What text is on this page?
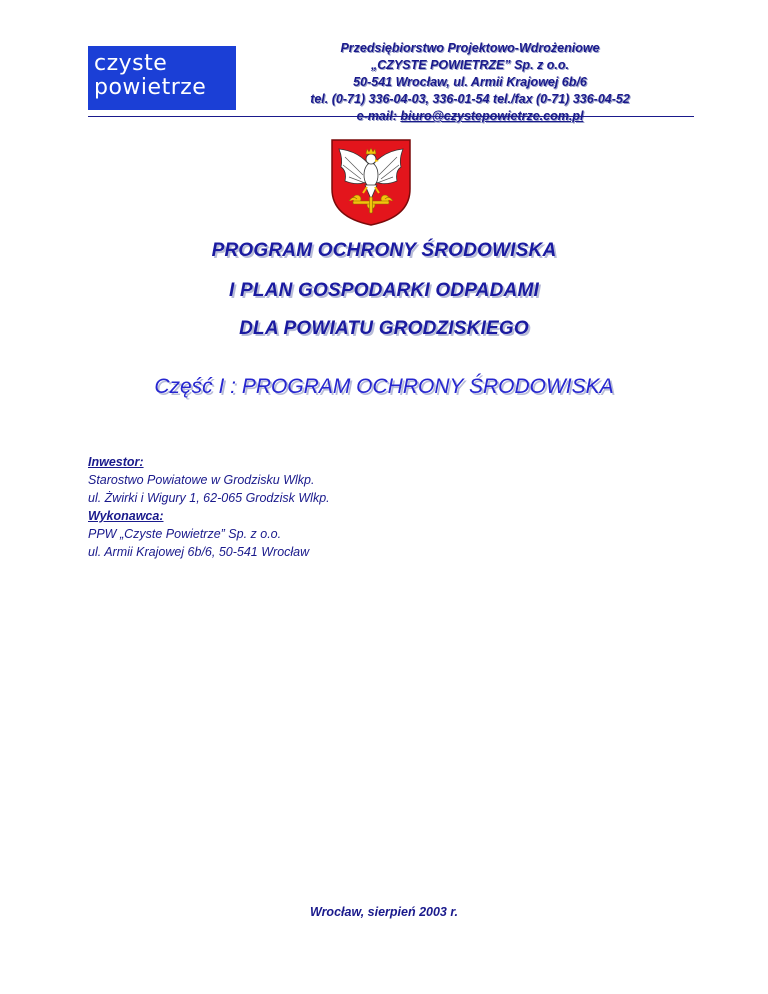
czyste
powietrze
Przedsiębiorstwo Projektowo-Wdrożeniowe
„CZYSTE POWIETRZE” Sp. z o.o.
50-541 Wrocław, ul. Armii Krajowej 6b/6
tel. (0-71) 336-04-03, 336-01-54 tel./fax (0-71) 336-04-52
e-mail: biuro@czystepowietrze.com.pl
PROGRAM OCHRONY ŚRODOWISKA
I PLAN GOSPODARKI ODPADAMI
DLA POWIATU GRODZISKIEGO
Część I : PROGRAM OCHRONY ŚRODOWISKA
Inwestor:
Starostwo Powiatowe w Grodzisku Wlkp.
ul. Żwirki i Wigury 1, 62-065 Grodzisk Wlkp.
Wykonawca:
PPW „Czyste Powietrze” Sp. z o.o.
ul. Armii Krajowej 6b/6, 50-541 Wrocław
Wrocław, sierpień 2003 r.
